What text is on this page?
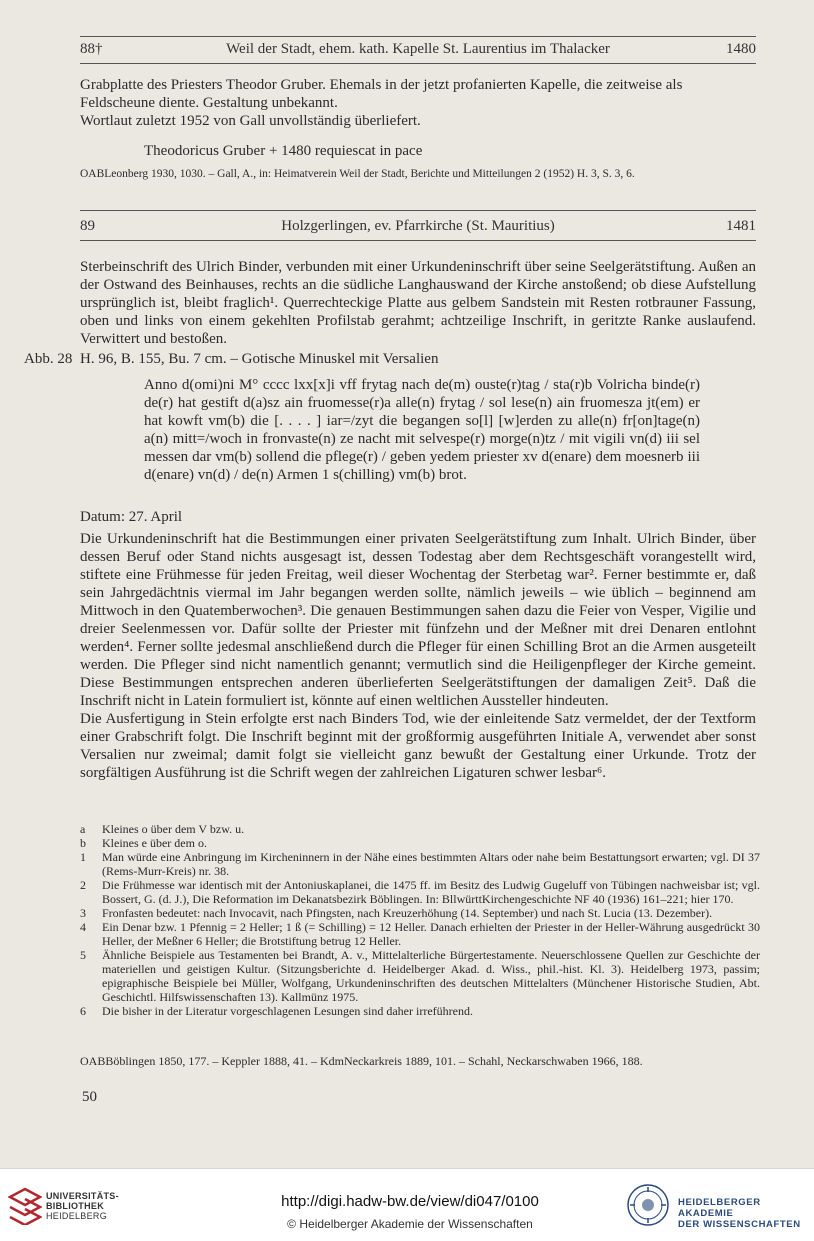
88†	Weil der Stadt, ehem. kath. Kapelle St. Laurentius im Thalacker	1480
Grabplatte des Priesters Theodor Gruber. Ehemals in der jetzt profanierten Kapelle, die zeitweise als
Feldscheune diente. Gestaltung unbekannt.
Wortlaut zuletzt 1952 von Gall unvollständig überliefert.
Theodoricus Gruber + 1480 requiescat in pace
OABLeonberg 1930, 1030. – Gall, A., in: Heimatverein Weil der Stadt, Berichte und Mitteilungen 2 (1952) H. 3, S. 3, 6.
89	Holzgerlingen, ev. Pfarrkirche (St. Mauritius)	1481
Sterbeinschrift des Ulrich Binder, verbunden mit einer Urkundeninschrift über seine Seelgerätstiftung. Außen an der Ostwand des Beinhauses, rechts an die südliche Langhauswand der Kirche anstoßend; ob diese Aufstellung ursprünglich ist, bleibt fraglich¹. Querrechteckige Platte aus gelbem Sandstein mit Resten rotbrauner Fassung, oben und links von einem gekehlten Profilstab gerahmt; achtzeilige Inschrift, in geritzte Ranke auslaufend. Verwittert und bestoßen.
Abb. 28 H. 96, B. 155, Bu. 7 cm. – Gotische Minuskel mit Versalien
Anno d(omi)ni M° cccc lxx[x]i vff frytag nach de(m) ouste(r)tag / sta(r)b Volricha binde(r) de(r) hat gestift d(a)sz ain fruomesse(r)a alle(n) frytag / sol lese(n) ain fruomesza jt(em) er hat kowft vm(b) die [. . . . ] iar=/zyt die begangen so[l] [w]erden zu alle(n) fr[on]tage(n) a(n) mitt=/woch in fronvaste(n) ze nacht mit selvespe(r) morge(n)tz / mit vigili vn(d) iii sel messen dar vm(b) sollend die pflege(r) / geben yedem priester xv d(enare) dem moesnerb iii d(enare) vn(d) / de(n) Armen 1 s(chilling) vm(b) brot.
Datum: 27. April

Die Urkundeninschrift hat die Bestimmungen einer privaten Seelgerätstiftung zum Inhalt. Ulrich Binder, über dessen Beruf oder Stand nichts ausgesagt ist, dessen Todestag aber dem Rechtsgeschäft vorangestellt wird, stiftete eine Frühmesse für jeden Freitag, weil dieser Wochentag der Sterbetag war². Ferner bestimmte er, daß sein Jahrgedächtnis viermal im Jahr begangen werden sollte, nämlich jeweils – wie üblich – beginnend am Mittwoch in den Quatemberwochen³. Die genauen Bestimmungen sahen dazu die Feier von Vesper, Vigilie und dreier Seelenmessen vor. Dafür sollte der Priester mit fünfzehn und der Meßner mit drei Denaren entlohnt werden⁴. Ferner sollte jedesmal anschließend durch die Pfleger für einen Schilling Brot an die Armen ausgeteilt werden. Die Pfleger sind nicht namentlich genannt; vermutlich sind die Heiligenpfleger der Kirche gemeint. Diese Bestimmungen entsprechen anderen überlieferten Seelgerätstiftungen der damaligen Zeit⁵. Daß die Inschrift nicht in Latein formuliert ist, könnte auf einen weltlichen Aussteller hindeuten.

Die Ausfertigung in Stein erfolgte erst nach Binders Tod, wie der einleitende Satz vermeldet, der der Textform einer Grabschrift folgt. Die Inschrift beginnt mit der großformig ausgeführten Initiale A, verwendet aber sonst Versalien nur zweimal; damit folgt sie vielleicht ganz bewußt der Gestaltung einer Urkunde. Trotz der sorgfältigen Ausführung ist die Schrift wegen der zahlreichen Ligaturen schwer lesbar⁶.

a	Kleines o über dem V bzw. u.
b	Kleines e über dem o.
1	Man würde eine Anbringung im Kircheninnern in der Nähe eines bestimmten Altars oder nahe beim Bestattungsort erwarten; vgl. DI 37 (Rems-Murr-Kreis) nr. 38.
2	Die Frühmesse war identisch mit der Antoniuskaplanei, die 1475 ff. im Besitz des Ludwig Gugeluff von Tübingen nachweisbar ist; vgl. Bossert, G. (d. J.), Die Reformation im Dekanatsbezirk Böblingen. In: BllwürttKirchengeschichte NF 40 (1936) 161–221; hier 170.
3	Fronfasten bedeutet: nach Invocavit, nach Pfingsten, nach Kreuzerhöhung (14. September) und nach St. Lucia (13. Dezember).
4	Ein Denar bzw. 1 Pfennig = 2 Heller; 1 ß (= Schilling) = 12 Heller. Danach erhielten der Priester in der Heller-Währung ausgedrückt 30 Heller, der Meßner 6 Heller; die Brotstiftung betrug 12 Heller.
5	Ähnliche Beispiele aus Testamenten bei Brandt, A. v., Mittelalterliche Bürgertestamente. Neuerschlossene Quellen zur Geschichte der materiellen und geistigen Kultur. (Sitzungsberichte d. Heidelberger Akad. d. Wiss., phil.-hist. Kl. 3). Heidelberg 1973, passim; epigraphische Beispiele bei Müller, Wolfgang, Urkundeninschriften des deutschen Mittelalters (Münchener Historische Studien, Abt. Geschichtl. Hilfswissenschaften 13). Kallmünz 1975.
6	Die bisher in der Literatur vorgeschlagenen Lesungen sind daher irreführend.
OABBöblingen 1850, 177. – Keppler 1888, 41. – KdmNeckarkreis 1889, 101. – Schahl, Neckarschwaben 1966, 188.
50
UNIVERSITÄTS-
BIBLIOTHEK
HEIDELBERG
http://digi.hadw-bw.de/view/di047/0100
© Heidelberger Akademie der Wissenschaften
HEIDELBERGER AKADEMIE
DER WISSENSCHAFTEN
